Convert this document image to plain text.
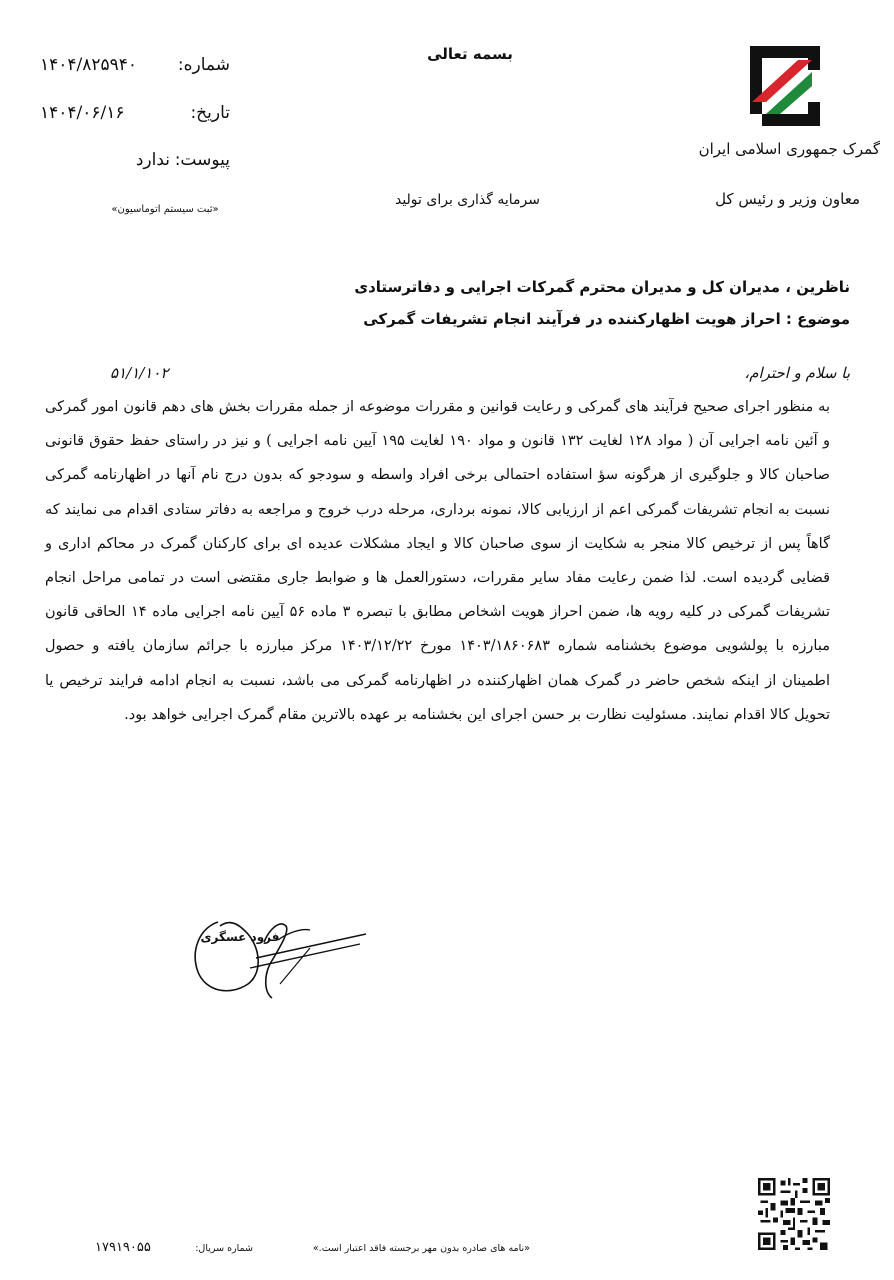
بسمه تعالی
گمرک جمهوری اسلامی ایران
معاون وزیر و رئیس کل
سرمایه گذاری برای تولید
شماره:
۱۴۰۴/۸۲۵۹۴۰
تاریخ:
۱۴۰۴/۰۶/۱۶
پیوست:
ندارد
«ثبت سیستم اتوماسیون»
ناظرین ، مدیران کل و مدیران محترم گمرکات اجرایی و دفاترستادی
موضوع : احراز هویت اظهارکننده در فرآیند انجام تشریفات گمرکی
با سلام و احترام،
۵۱/۱/۱۰۲
به منظور اجرای صحیح فرآیند های گمرکی و رعایت قوانین و مقررات موضوعه از جمله مقررات بخش های دهم قانون امور گمرکی و آئین نامه اجرایی آن ( مواد ۱۲۸ لغایت ۱۳۲ قانون و مواد ۱۹۰ لغایت ۱۹۵ آیین نامه اجرایی ) و نیز در راستای حفظ حقوق قانونی صاحبان کالا و جلوگیری از هرگونه سؤ استفاده احتمالی برخی افراد واسطه و سودجو که بدون درج نام آنها در اظهارنامه گمرکی نسبت به انجام تشریفات گمرکی اعم از ارزیابی کالا، نمونه برداری، مرحله درب خروج و مراجعه به دفاتر ستادی اقدام می نمایند که گاهاً پس از ترخیص کالا منجر به شکایت از سوی صاحبان کالا و ایجاد مشکلات عدیده ای برای کارکنان گمرک در محاکم اداری و قضایی گردیده است. لذا ضمن رعایت مفاد سایر مقررات، دستورالعمل ها و ضوابط جاری مقتضی است در تمامی مراحل انجام تشریفات گمرکی در کلیه رویه ها، ضمن احراز هویت اشخاص مطابق با تبصره ۳ ماده ۵۶ آیین نامه اجرایی ماده ۱۴ الحاقی قانون مبارزه با پولشویی موضوع بخشنامه شماره ۱۴۰۳/۱۸۶۰۶۸۳ مورخ ۱۴۰۳/۱۲/۲۲ مرکز مبارزه با جرائم سازمان یافته و حصول اطمینان از اینکه شخص حاضر در گمرک همان اظهارکننده در اظهارنامه گمرکی می باشد، نسبت به انجام ادامه فرایند ترخیص یا تحویل کالا اقدام نمایند. مسئولیت نظارت بر حسن اجرای این بخشنامه بر عهده بالاترین مقام گمرک اجرایی خواهد بود.
فرود عسگری
«نامه های صادره بدون مهر برجسته فاقد اعتبار است.»
شماره سریال:
۱۷۹۱۹۰۵۵
